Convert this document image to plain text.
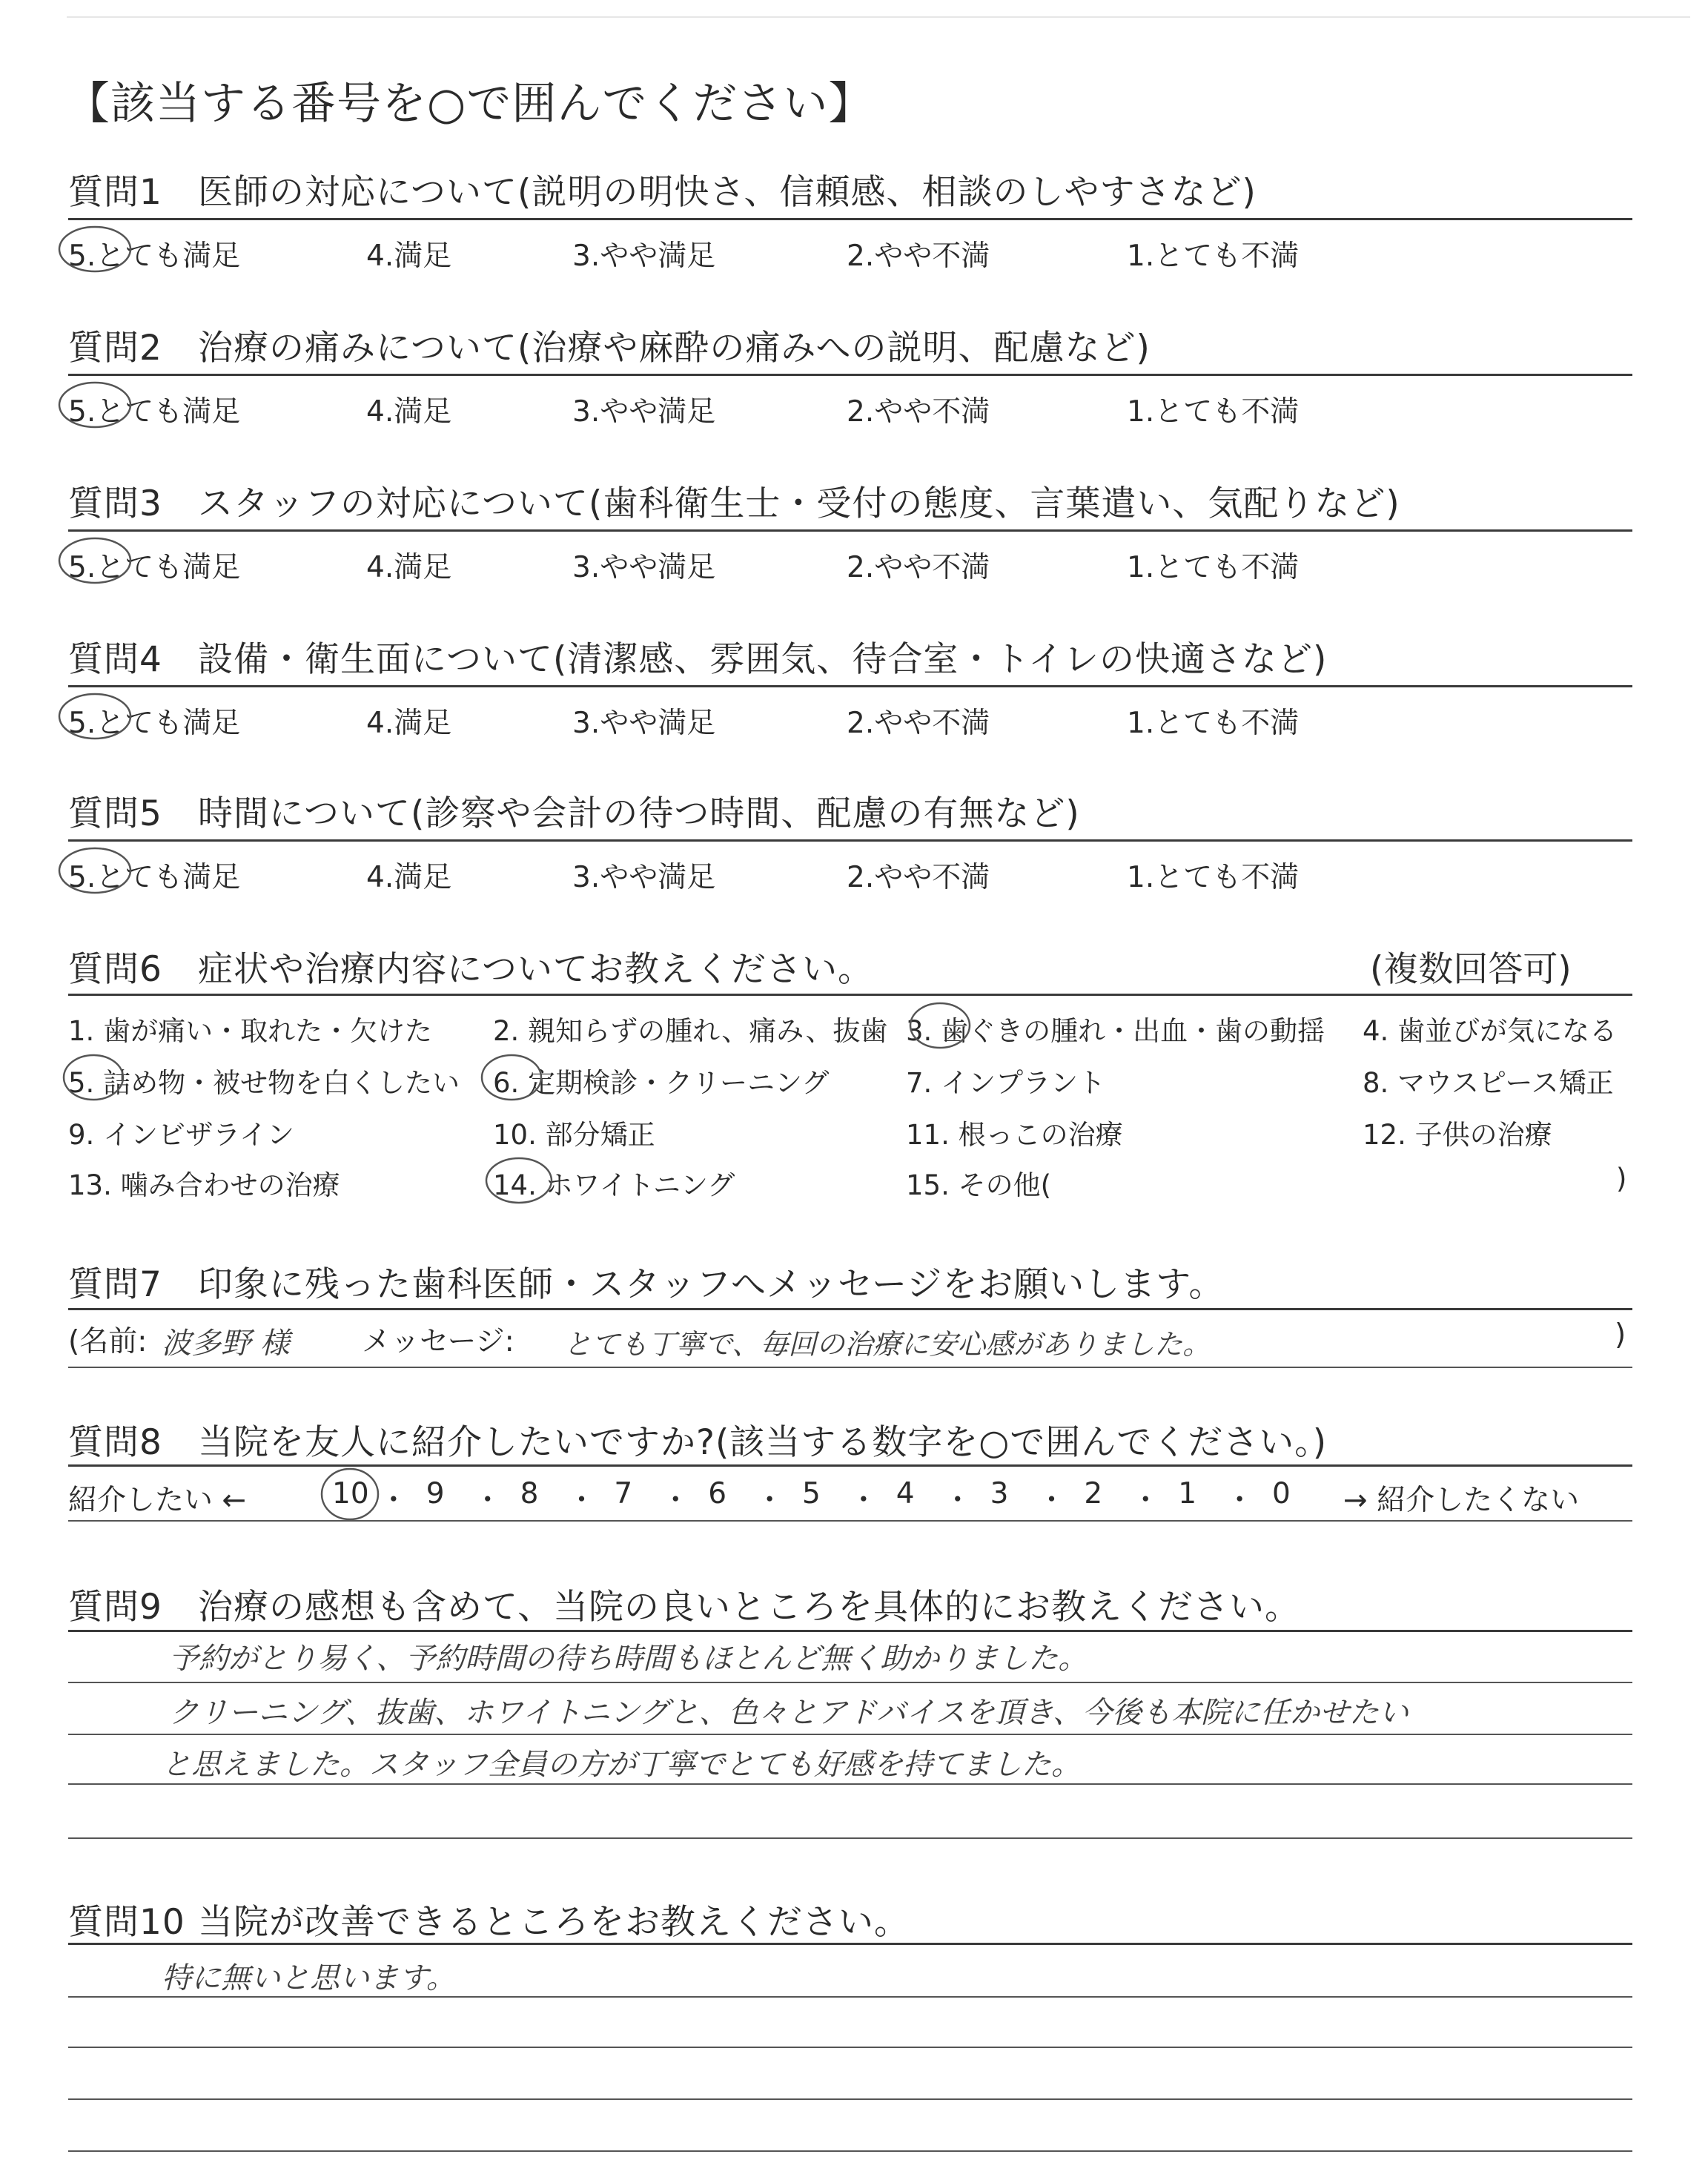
【該当する番号を○で囲んでください】
質問1 医師の対応について(説明の明快さ、信頼感、相談のしやすさなど)
5.とても満足	4.満足	3.やや満足	2.やや不満	1.とても不満
質問2 治療の痛みについて(治療や麻酔の痛みへの説明、配慮など)
5.とても満足	4.満足	3.やや満足	2.やや不満	1.とても不満
質問3 スタッフの対応について(歯科衛生士・受付の態度、言葉遣い、気配りなど)
5.とても満足	4.満足	3.やや満足	2.やや不満	1.とても不満
質問4 設備・衛生面について(清潔感、雰囲気、待合室・トイレの快適さなど)
5.とても満足	4.満足	3.やや満足	2.やや不満	1.とても不満
質問5 時間について(診察や会計の待つ時間、配慮の有無など)
5.とても満足	4.満足	3.やや満足	2.やや不満	1.とても不満
質問6 症状や治療内容についてお教えください。	(複数回答可)
1. 歯が痛い・取れた・欠けた 2. 親知らずの腫れ、痛み、抜歯 3. 歯ぐきの腫れ・出血・歯の動揺 4. 歯並びが気になる
5. 詰め物・被せ物を白くしたい 6. 定期検診・クリーニング	7. インプラント	8. マウスピース矯正
9. インビザライン	10. 部分矯正	11. 根っこの治療	12. 子供の治療
13. 噛み合わせの治療	14. ホワイトニング	15. その他(	)
質問7 印象に残った歯科医師・スタッフへメッセージをお願いします。
(名前: 波多野 様 メッセージ: とても丁寧で、毎回の治療に安心感がありました。	)
質問8 当院を友人に紹介したいですか?(該当する数字を○で囲んでください。)
紹介したい ←	10 ・ 9 ・ 8 ・ 7 ・ 6 ・ 5 ・ 4 ・ 3 ・ 2 ・ 1 ・ 0 → 紹介したくない
質問9 治療の感想も含めて、当院の良いところを具体的にお教えください。
予約がとり易く、予約時間の待ち時間もほとんど無く助かりました。
クリーニング、抜歯、ホワイトニングと、色々とアドバイスを頂き、今後も本院に任かせたい
と思えました。スタッフ全員の方が丁寧でとても好感を持てました。
質問10 当院が改善できるところをお教えください。
特に無いと思います。
